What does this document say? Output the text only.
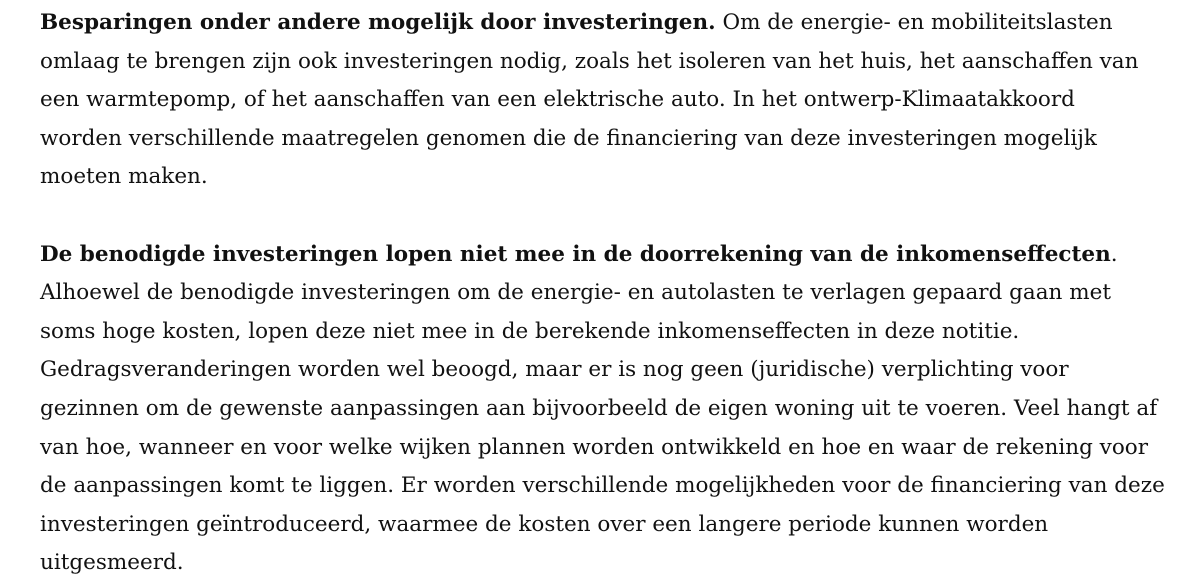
Besparingen onder andere mogelijk door investeringen. Om de energie- en mobiliteitslasten
omlaag te brengen zijn ook investeringen nodig, zoals het isoleren van het huis, het aanschaffen van
een warmtepomp, of het aanschaffen van een elektrische auto. In het ontwerp-Klimaatakkoord
worden verschillende maatregelen genomen die de financiering van deze investeringen mogelijk
moeten maken.

De benodigde investeringen lopen niet mee in de doorrekening van de inkomenseffecten.
Alhoewel de benodigde investeringen om de energie- en autolasten te verlagen gepaard gaan met
soms hoge kosten, lopen deze niet mee in de berekende inkomenseffecten in deze notitie.
Gedragsveranderingen worden wel beoogd, maar er is nog geen (juridische) verplichting voor
gezinnen om de gewenste aanpassingen aan bijvoorbeeld de eigen woning uit te voeren. Veel hangt af
van hoe, wanneer en voor welke wijken plannen worden ontwikkeld en hoe en waar de rekening voor
de aanpassingen komt te liggen. Er worden verschillende mogelijkheden voor de financiering van deze
investeringen geïntroduceerd, waarmee de kosten over een langere periode kunnen worden
uitgesmeerd.
